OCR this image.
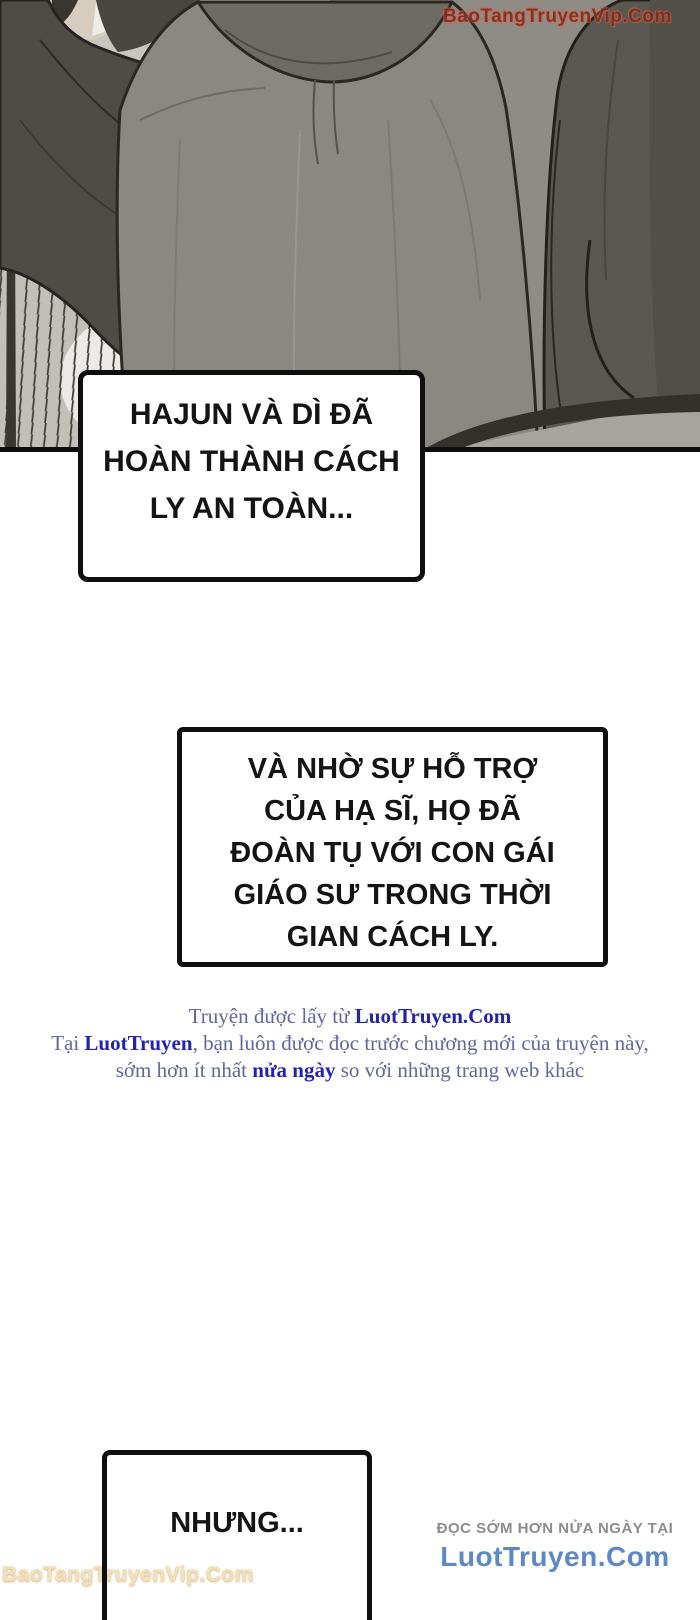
BaoTangTruyenVip.Com
BaoTangTruyenVip.Com
HAJUN VÀ DÌ ĐÃ
HOÀN THÀNH CÁCH
LY AN TOÀN...
VÀ NHỜ SỰ HỖ TRỢ
CỦA HẠ SĨ, HỌ ĐÃ
ĐOÀN TỤ VỚI CON GÁI
GIÁO SƯ TRONG THỜI
GIAN CÁCH LY.
Truyện được lấy từ LuotTruyen.Com
Tại LuotTruyen, bạn luôn được đọc trước chương mới của truyện này,
sớm hơn ít nhất nửa ngày so với những trang web khác
NHƯNG...	ĐỌC SỚM HƠN NỬA NGÀY TẠI
LuotTruyen.Com
